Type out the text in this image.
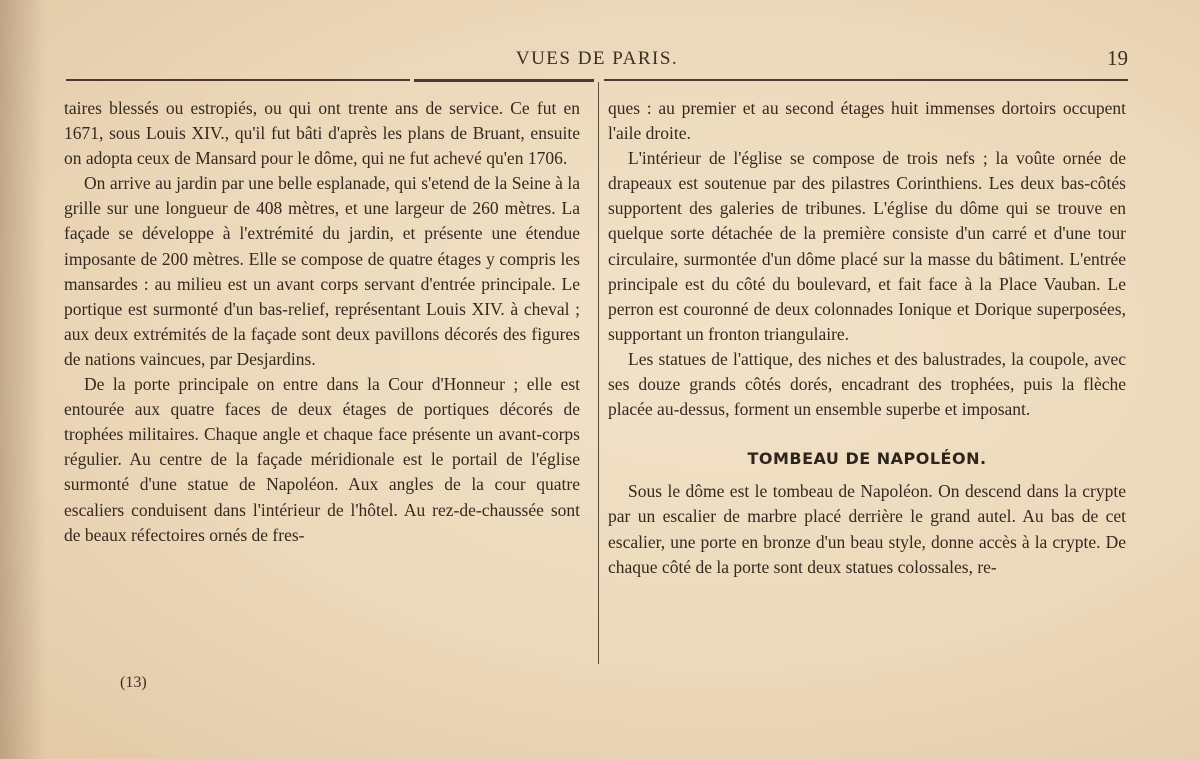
VUES DE PARIS.	19

taires blessés ou estropiés, ou qui ont trente ans de service. Ce fut en 1671, sous Louis XIV., qu'il fut bâti d'après les plans de Bruant, ensuite on adopta ceux de Mansard pour le dôme, qui ne fut achevé qu'en 1706.

On arrive au jardin par une belle esplanade, qui s'etend de la Seine à la grille sur une longueur de 408 mètres, et une largeur de 260 mètres. La façade se développe à l'extrémité du jardin, et présente une étendue imposante de 200 mètres. Elle se compose de quatre étages y compris les mansardes : au milieu est un avant corps servant d'entrée principale. Le portique est surmonté d'un bas-relief, représentant Louis XIV. à cheval ; aux deux extrémités de la façade sont deux pavillons décorés des figures de nations vaincues, par Desjardins.

De la porte principale on entre dans la Cour d'Honneur ; elle est entourée aux quatre faces de deux étages de portiques décorés de trophées militaires. Chaque angle et chaque face présente un avant-corps régulier. Au centre de la façade méridionale est le portail de l'église surmonté d'une statue de Napoléon. Aux angles de la cour quatre escaliers conduisent dans l'intérieur de l'hôtel. Au rez-de-chaussée sont de beaux réfectoires ornés de fres-

ques : au premier et au second étages huit immenses dortoirs occupent l'aile droite.

L'intérieur de l'église se compose de trois nefs ; la voûte ornée de drapeaux est soutenue par des pilastres Corinthiens. Les deux bas-côtés supportent des galeries de tribunes. L'église du dôme qui se trouve en quelque sorte détachée de la première consiste d'un carré et d'une tour circulaire, surmontée d'un dôme placé sur la masse du bâtiment. L'entrée principale est du côté du boulevard, et fait face à la Place Vauban. Le perron est couronné de deux colonnades Ionique et Dorique superposées, supportant un fronton triangulaire.

Les statues de l'attique, des niches et des balustrades, la coupole, avec ses douze grands côtés dorés, encadrant des trophées, puis la flèche placée au-dessus, forment un ensemble superbe et imposant.

TOMBEAU DE NAPOLÉON.

Sous le dôme est le tombeau de Napoléon. On descend dans la crypte par un escalier de marbre placé derrière le grand autel. Au bas de cet escalier, une porte en bronze d'un beau style, donne accès à la crypte. De chaque côté de la porte sont deux statues colossales, re-

(13)
